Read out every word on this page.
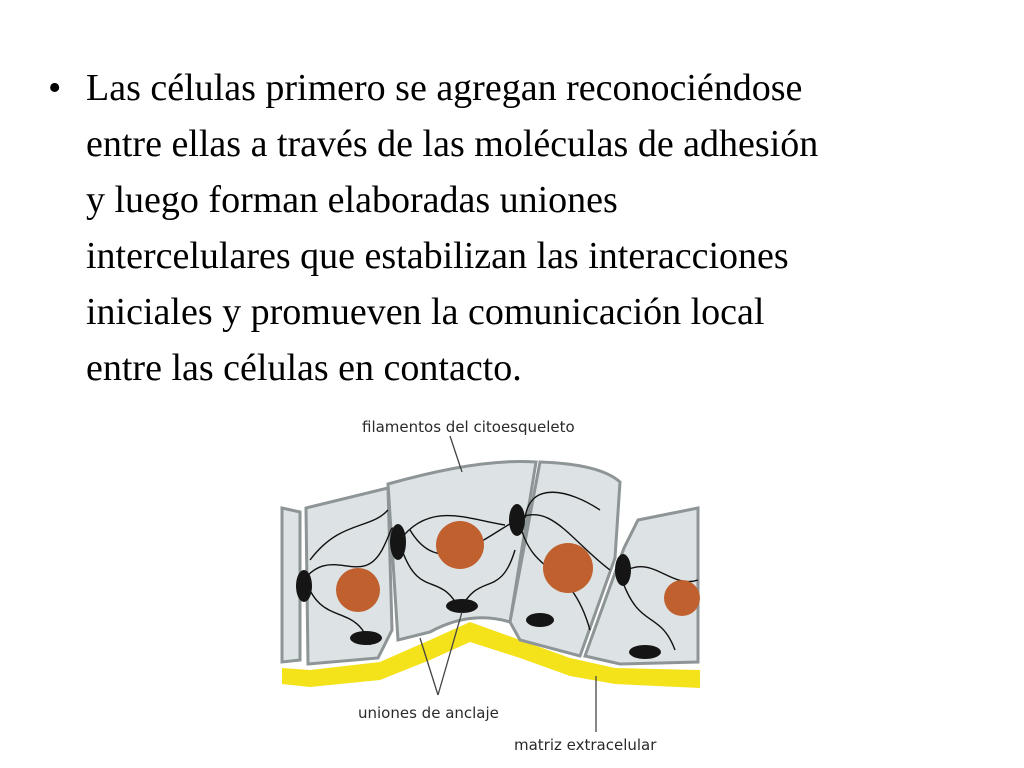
• Las células primero se agregan reconociéndose
entre ellas a través de las moléculas de adhesión
y luego forman elaboradas uniones
intercelulares que estabilizan las interacciones
iniciales y promueven la comunicación local
entre las células en contacto.
filamentos del citoesqueleto
uniones de anclaje
matriz extracelular
